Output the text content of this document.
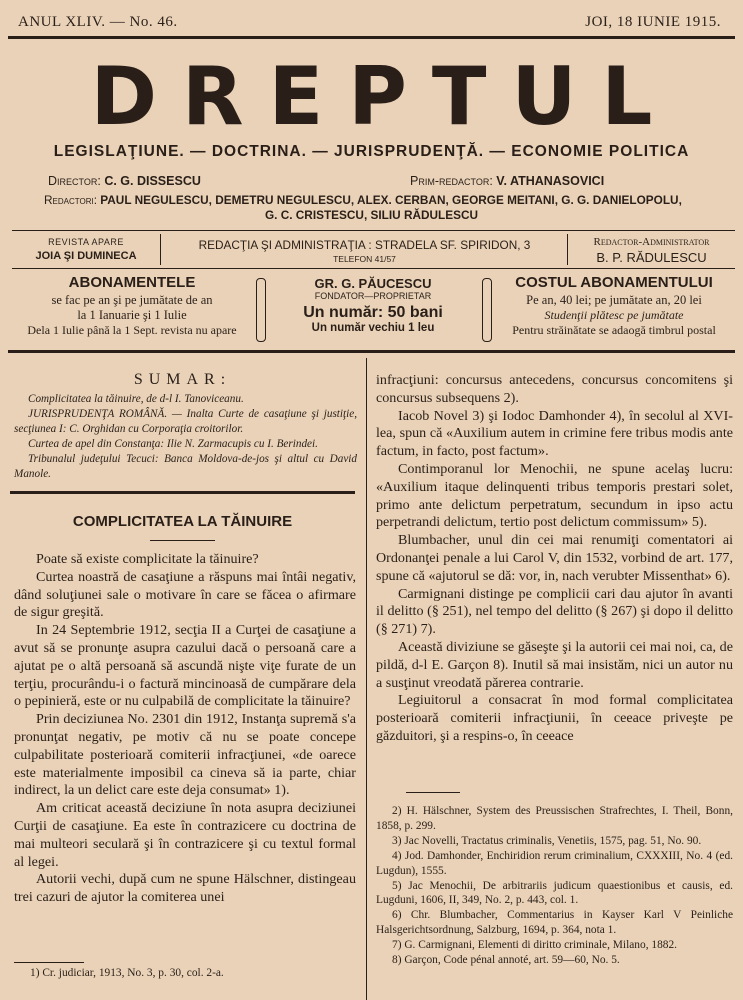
ANUL XLIV. — No. 46.	JOI, 18 IUNIE 1915.
DREPTUL
LEGISLAŢIUNE. — DOCTRINA. — JURISPRUDENŢĂ. — ECONOMIE POLITICA
Director: C. G. DISSESCU	Prim-redactor: V. ATHANASOVICI
Redactori: PAUL NEGULESCU, DEMETRU NEGULESCU, ALEX. CERBAN, GEORGE MEITANI, G. G. DANIELOPOLU,
G. C. CRISTESCU, SILIU RĂDULESCU
REVISTA APARE
JOIA ŞI DUMINECA
REDACŢIA ŞI ADMINISTRAŢIA : STRADELA SF. SPIRIDON, 3
TELEFON 41/57
Redactor-Administrator
B. P. RĂDULESCU
ABONAMENTELE
se fac pe an şi pe jumătate de an
la 1 Ianuarie şi 1 Iulie
Dela 1 Iulie până la 1 Sept. revista nu apare
GR. G. PĂUCESCU
FONDATOR—PROPRIETAR
Un număr: 50 bani
Un număr vechiu 1 leu
COSTUL ABONAMENTULUI
Pe an, 40 lei; pe jumătate an, 20 lei
Studenţii plătesc pe jumătate
Pentru străinătate se adaogă timbrul postal
SUMAR:
Complicitatea la tăinuire, de d-l I. Tanoviceanu.
JURISPRUDENŢA ROMÂNĂ. — Inalta Curte de casaţiune şi justiţie, secţiunea I: C. Orghidan cu Corporaţia croitorilor.
Curtea de apel din Constanţa: Ilie N. Zarmacupis cu I. Berindei.
Tribunalul judeţului Tecuci: Banca Moldova-de-jos şi altul cu David Manole.
COMPLICITATEA LA TĂINUIRE

Poate să existe complicitate la tăinuire?

Curtea noastră de casaţiune a răspuns mai întâi negativ, dând soluţiunei sale o motivare în care se făcea o afirmare de sigur greşită.

In 24 Septembrie 1912, secţia II a Curţei de casaţiune a avut să se pronunţe asupra cazului dacă o persoană care a ajutat pe o altă persoană să ascundă nişte viţe furate de un terţiu, procurându-i o factură mincinoasă de cumpărare dela o pepinieră, este or nu culpabilă de complicitate la tăinuire?

Prin deciziunea No. 2301 din 1912, Instanţa supremă s'a pronunţat negativ, pe motiv că nu se poate concepe culpabilitate posterioară comiterii infracţiunei, «de oarece este materialmente imposibil ca cineva să ia parte, chiar indirect, la un delict care este deja consumat» 1).

Am criticat această deciziune în nota asupra deciziunei Curţii de casaţiune. Ea este în contrazicere cu doctrina de mai multeori seculară şi în contrazicere şi cu textul formal al legei.

Autorii vechi, după cum ne spune Hälschner, distingeau trei cazuri de ajutor la comiterea unei

1) Cr. judiciar, 1913, No. 3, p. 30, col. 2-a.

infracţiuni: concursus antecedens, concursus concomitens şi concursus subsequens 2).

Iacob Novel 3) şi Iodoc Damhonder 4), în secolul al XVI-lea, spun că «Auxilium autem in crimine fere tribus modis ante factum, in facto, post factum».

Contimporanul lor Menochii, ne spune acelaş lucru: «Auxilium itaque delinquenti tribus temporis prestari solet, primo ante delictum perpetratum, secundum in ipso actu perpetrandi delictum, tertio post delictum commissum» 5).

Blumbacher, unul din cei mai renumiţi comentatori ai Ordonanţei penale a lui Carol V, din 1532, vorbind de art. 177, spune că «ajutorul se dă: vor, in, nach verubter Missenthat» 6).

Carmignani distinge pe complicii cari dau ajutor în avanti il delitto (§ 251), nel tempo del delitto (§ 267) şi dopo il delitto (§ 271) 7).

Această diviziune se găseşte şi la autorii cei mai noi, ca, de pildă, d-l E. Garçon 8). Inutil să mai insistăm, nici un autor nu a susţinut vreodată părerea contrarie.

Legiuitorul a consacrat în mod formal complicitatea posterioară comiterii infracţiunii, în ceeace priveşte pe găzduitori, şi a respins-o, în ceeace

2) H. Hälschner, System des Preussischen Strafrechtes, I. Theil, Bonn, 1858, p. 299.

3) Jac Novelli, Tractatus criminalis, Venetiis, 1575, pag. 51, No. 90.

4) Jod. Damhonder, Enchiridion rerum criminalium, CXXXIII, No. 4 (ed. Lugdun), 1555.

5) Jac Menochii, De arbitrariis judicum quaestionibus et causis, ed. Lugduni, 1606, II, 349, No. 2, p. 443, col. 1.

6) Chr. Blumbacher, Commentarius in Kayser Karl V Peinliche Halsgerichtsordnung, Salzburg, 1694, p. 364, nota 1.

7) G. Carmignani, Elementi di diritto criminale, Milano, 1882.

8) Garçon, Code pénal annoté, art. 59—60, No. 5.
